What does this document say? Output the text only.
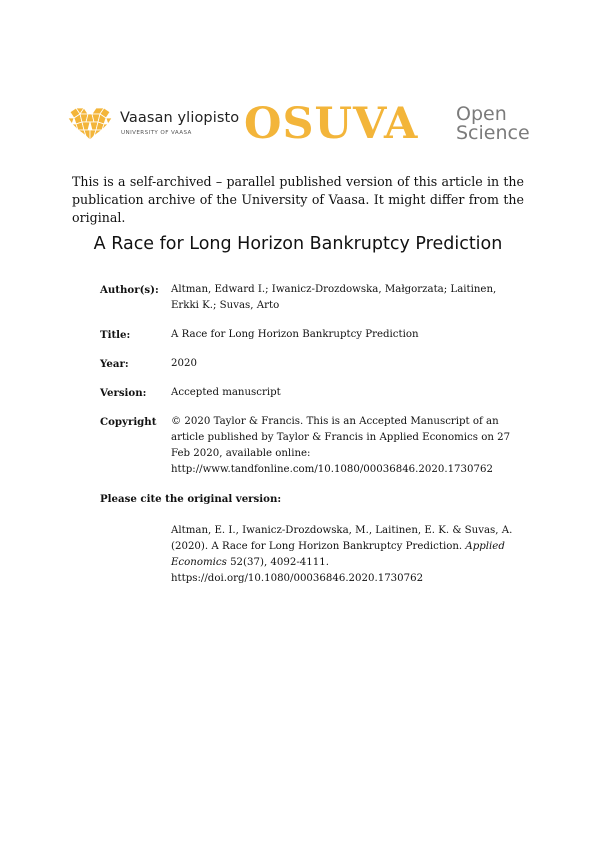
Vaasan yliopisto
UNIVERSITY OF VAASA OSUVA Open
Science
This is a self-archived – parallel published version of this article in the publication archive of the University of Vaasa. It might differ from the original.
A Race for Long Horizon Bankruptcy Prediction
Author(s): Altman, Edward I.; Iwanicz-Drozdowska, Małgorzata; Laitinen, Erkki K.; Suvas, Arto
Title:	A Race for Long Horizon Bankruptcy Prediction
Year:	2020
Version: Accepted manuscript
Copyright © 2020 Taylor & Francis. This is an Accepted Manuscript of an article published by Taylor & Francis in Applied Economics on 27 Feb 2020, available online:
http://www.tandfonline.com/10.1080/00036846.2020.1730762
Please cite the original version:
Altman, E. I., Iwanicz-Drozdowska, M., Laitinen, E. K. & Suvas, A. (2020). A Race for Long Horizon Bankruptcy Prediction. Applied Economics 52(37), 4092-4111.
https://doi.org/10.1080/00036846.2020.1730762
